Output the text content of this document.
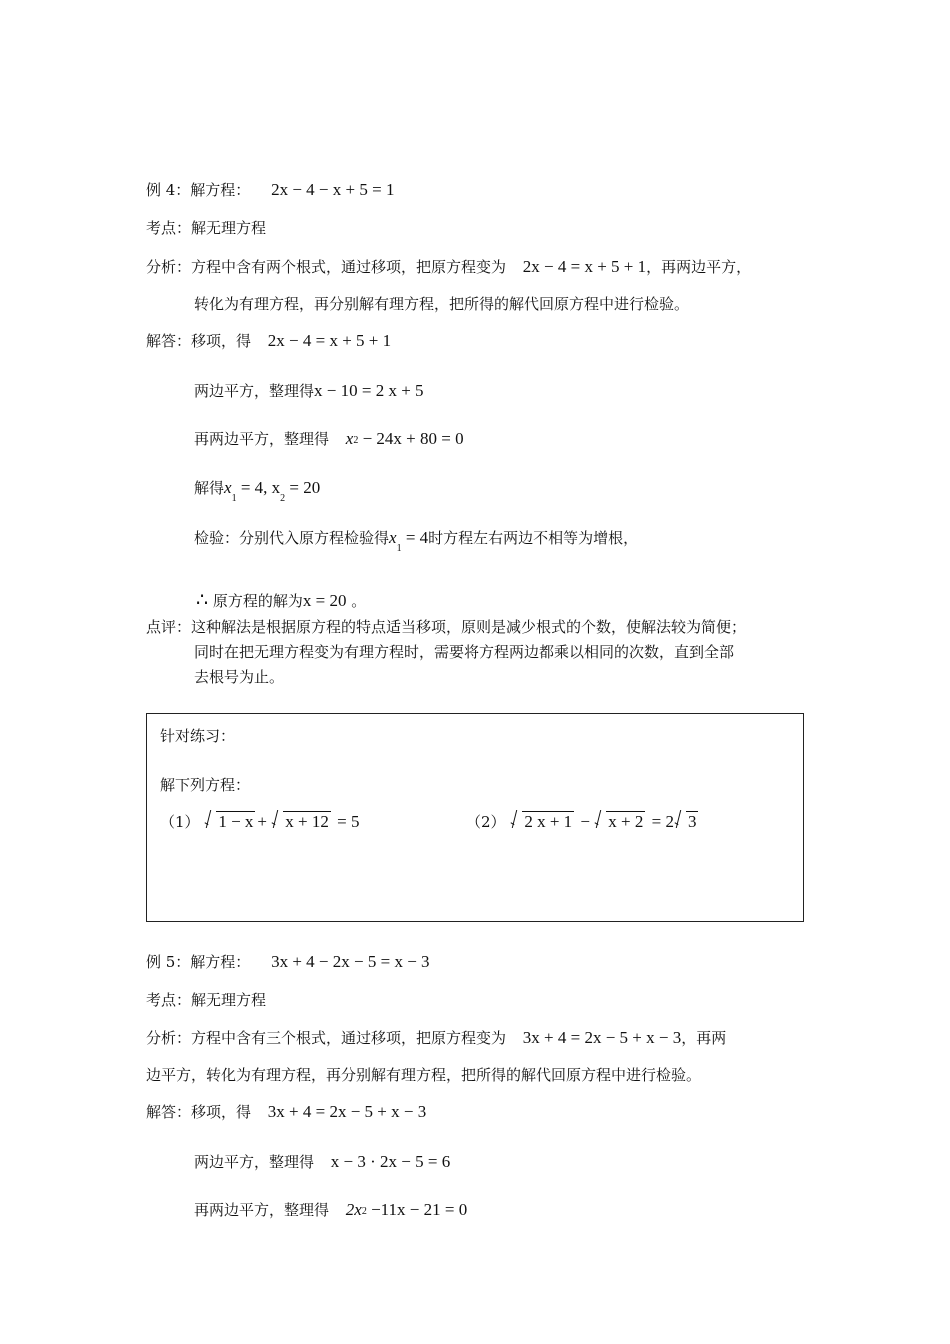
例 4：解方程： 2x − 4 − x + 5 = 1
考点：解无理方程
分析：方程中含有两个根式，通过移项，把原方程变为 2x − 4 = x + 5 + 1，再两边平方，
转化为有理方程，再分别解有理方程，把所得的解代回原方程中进行检验。
解答：移项，得 2x − 4 = x + 5 + 1
两边平方，整理得x − 10 = 2 x + 5
再两边平方，整理得 x2 − 24x + 80 = 0
解得$x_1 = 4$, $x_2 = 20$
检验：分别代入原方程检验得$x_1 = 4$时方程左右两边不相等为增根，
∴ 原方程的解为x = 20 。
点评：这种解法是根据原方程的特点适当移项，原则是减少根式的个数，使解法较为简便；
同时在把无理方程变为有理方程时，需要将方程两边都乘以相同的次数，直到全部
去根号为止。
针对练习：
解下列方程：
（1） 1 − x + x + 12 = 5	（2） 2 x + 1 − x + 2 = 2 3
例 5：解方程： 3x + 4 − 2x − 5 = x − 3
考点：解无理方程
分析：方程中含有三个根式，通过移项，把原方程变为 3x + 4 = 2x − 5 + x − 3，再两
边平方，转化为有理方程，再分别解有理方程，把所得的解代回原方程中进行检验。
解答：移项，得 3x + 4 = 2x − 5 + x − 3
两边平方，整理得 x − 3 · 2x − 5 = 6
再两边平方，整理得 2x2 −11x − 21 = 0
